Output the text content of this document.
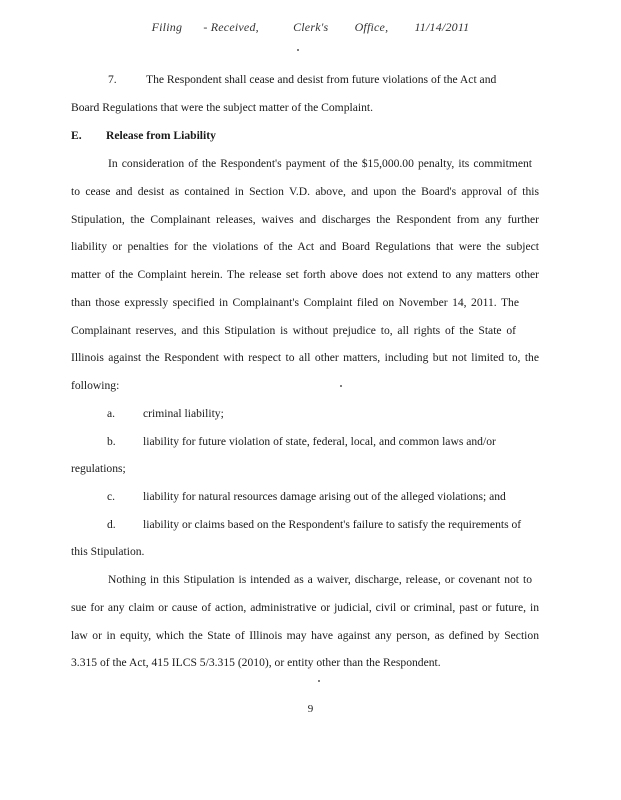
Filing - Received,	Clerk's Office, 11/14/2011
7.	The Respondent shall cease and desist from future violations of the Act and
Board Regulations that were the subject matter of the Complaint.
E. Release from Liability
In consideration of the Respondent's payment of the $15,000.00 penalty, its commitment
to cease and desist as contained in Section V.D. above, and upon the Board's approval of this
Stipulation, the Complainant releases, waives and discharges the Respondent from any further
liability or penalties for the violations of the Act and Board Regulations that were the subject
matter of the Complaint herein. The release set forth above does not extend to any matters other
than those expressly specified in Complainant's Complaint filed on November 14, 2011. The
Complainant reserves, and this Stipulation is without prejudice to, all rights of the State of
Illinois against the Respondent with respect to all other matters, including but not limited to, the
following:
a. criminal liability;
b. liability for future violation of state, federal, local, and common laws and/or
regulations;
c. liability for natural resources damage arising out of the alleged violations; and
d. liability or claims based on the Respondent's failure to satisfy the requirements of
this Stipulation.
Nothing in this Stipulation is intended as a waiver, discharge, release, or covenant not to
sue for any claim or cause of action, administrative or judicial, civil or criminal, past or future, in
law or in equity, which the State of Illinois may have against any person, as defined by Section
3.315 of the Act, 415 ILCS 5/3.315 (2010), or entity other than the Respondent.
9
